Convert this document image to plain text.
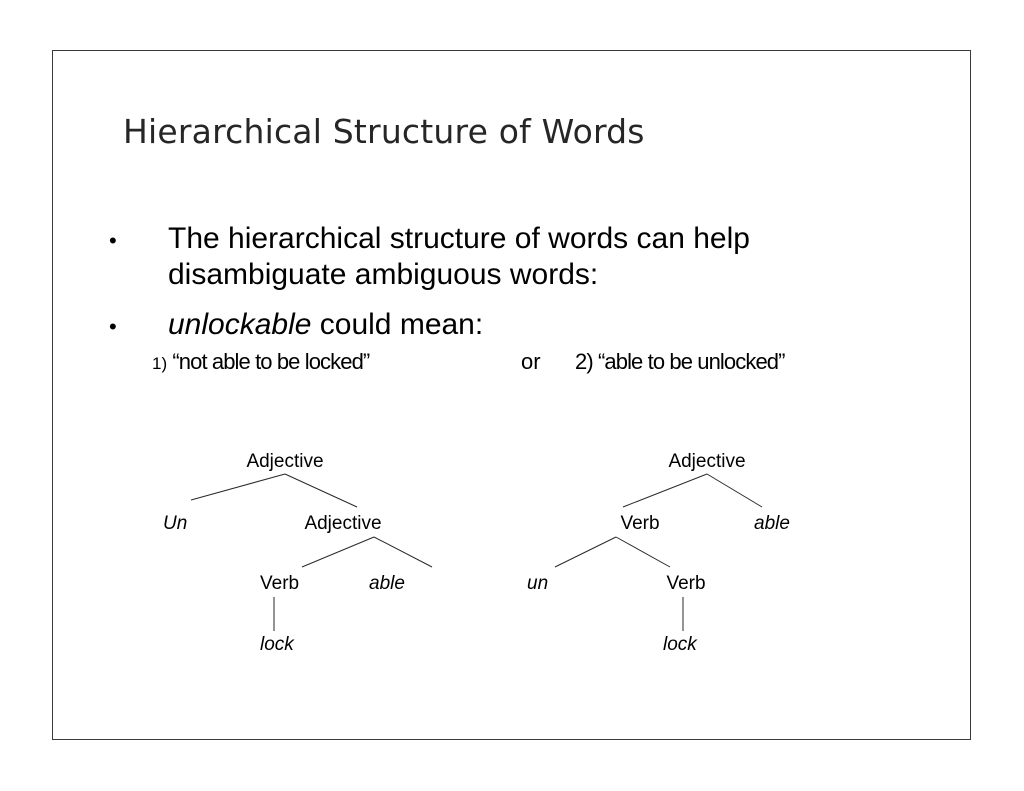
Hierarchical Structure of Words
• The hierarchical structure of words can help disambiguate ambiguous words:

• unlockable could mean:

1) “not able to be locked”	or 2) “able to be unlocked”
Adjective
Un	Adjective
Verb	able
lock
Adjective
Verb	able
un	Verb
lock
